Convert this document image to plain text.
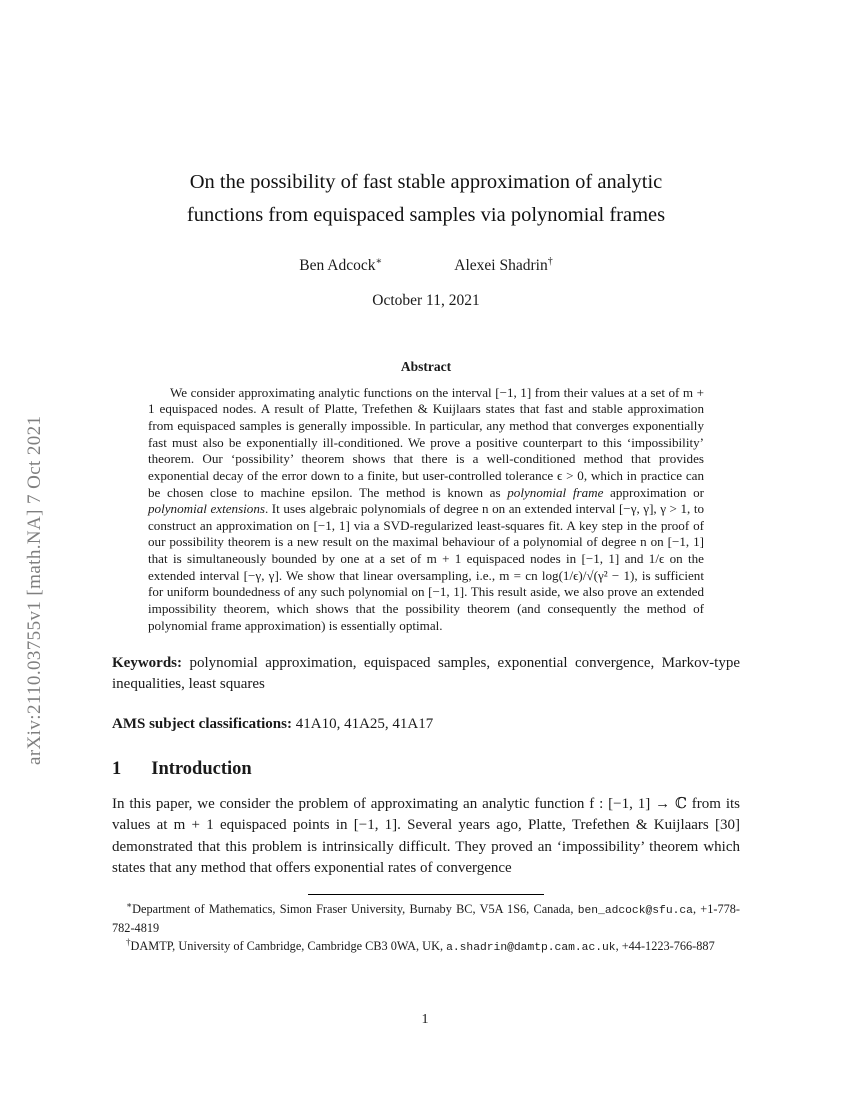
arXiv:2110.03755v1 [math.NA] 7 Oct 2021
On the possibility of fast stable approximation of analytic
functions from equispaced samples via polynomial frames
Ben Adcock∗	Alexei Shadrin†
October 11, 2021
Abstract

We consider approximating analytic functions on the interval [−1, 1] from their values at a set of m + 1 equispaced nodes. A result of Platte, Trefethen & Kuijlaars states that fast and stable approximation from equispaced samples is generally impossible. In particular, any method that converges exponentially fast must also be exponentially ill-conditioned. We prove a positive counterpart to this ‘impossibility’ theorem. Our ‘possibility’ theorem shows that there is a well-conditioned method that provides exponential decay of the error down to a finite, but user-controlled tolerance ϵ > 0, which in practice can be chosen close to machine epsilon. The method is known as polynomial frame approximation or polynomial extensions. It uses algebraic polynomials of degree n on an extended interval [−γ, γ], γ > 1, to construct an approximation on [−1, 1] via a SVD-regularized least-squares fit. A key step in the proof of our possibility theorem is a new result on the maximal behaviour of a polynomial of degree n on [−1, 1] that is simultaneously bounded by one at a set of m + 1 equispaced nodes in [−1, 1] and 1/ϵ on the extended interval [−γ, γ]. We show that linear oversampling, i.e., m = cn log(1/ϵ)/√(γ² − 1), is sufficient for uniform boundedness of any such polynomial on [−1, 1]. This result aside, we also prove an extended impossibility theorem, which shows that the possibility theorem (and consequently the method of polynomial frame approximation) is essentially optimal.

Keywords: polynomial approximation, equispaced samples, exponential convergence, Markov-type inequalities, least squares

AMS subject classifications: 41A10, 41A25, 41A17

1 Introduction

In this paper, we consider the problem of approximating an analytic function f : [−1, 1] → ℂ from its values at m + 1 equispaced points in [−1, 1]. Several years ago, Platte, Trefethen & Kuijlaars [30] demonstrated that this problem is intrinsically difficult. They proved an ‘impossibility’ theorem which states that any method that offers exponential rates of convergence

∗Department of Mathematics, Simon Fraser University, Burnaby BC, V5A 1S6, Canada, ben_adcock@sfu.ca, +1-778-782-4819
†DAMTP, University of Cambridge, Cambridge CB3 0WA, UK, a.shadrin@damtp.cam.ac.uk, +44-1223-766-887
1
